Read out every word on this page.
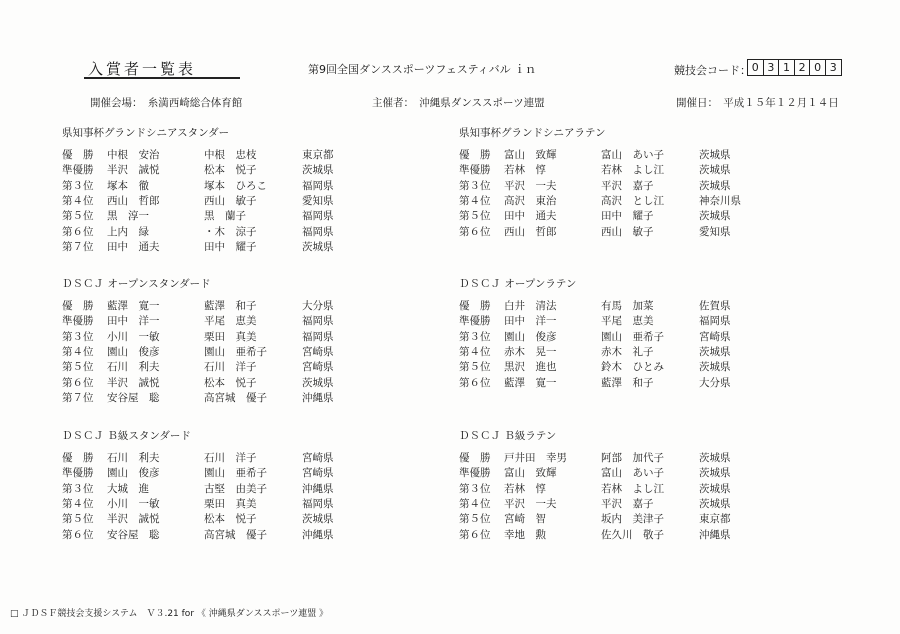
入賞者一覧表	第9回全国ダンススポーツフェスティバル ｉｎ	競技会コード： 0 3 1 2 0 3
開催会場：　糸満西崎総合体育館	主催者：　沖縄県ダンススポーツ連盟	開催日：　平成１５年１２月１４日
県知事杯グランドシニアスタンダー
優　勝 中根　安治	中根　忠枝	東京都
準優勝 半沢　誠悦	松本　悦子	茨城県
第３位 塚本　徹	塚本　ひろこ	福岡県
第４位 西山　哲郎	西山　敏子	愛知県
第５位 黒　淳一	黒　蘭子	福岡県
第６位 上内　緑	・木　涼子	福岡県
第７位 田中　通夫	田中　耀子	茨城県
県知事杯グランドシニアラテン
優　勝 富山　致輝	富山　あい子	茨城県
準優勝 若林　惇	若林　よし江	茨城県
第３位 平沢　一夫	平沢　嘉子	茨城県
第４位 高沢　東治	高沢　とし江	神奈川県
第５位 田中　通夫	田中　耀子	茨城県
第６位 西山　哲郎	西山　敏子	愛知県
ＤＳＣＪ オープンスタンダード
優　勝 藍澤　寛一	藍澤　和子	大分県
準優勝 田中　洋一	平尾　恵美	福岡県
第３位 小川　一敏	栗田　真美	福岡県
第４位 園山　俊彦	園山　亜希子	宮崎県
第５位 石川　利夫	石川　洋子	宮崎県
第６位 半沢　誠悦	松本　悦子	茨城県
第７位 安谷屋　聡	高宮城　優子	沖縄県
ＤＳＣＪ オープンラテン
優　勝 白井　清法	有馬　加菜	佐賀県
準優勝 田中　洋一	平尾　恵美	福岡県
第３位 園山　俊彦	園山　亜希子	宮崎県
第４位 赤木　晃一	赤木　礼子	茨城県
第５位 黒沢　進也	鈴木　ひとみ	茨城県
第６位 藍澤　寛一	藍澤　和子	大分県
ＤＳＣＪ Ｂ級スタンダード
優　勝 石川　利夫	石川　洋子	宮崎県
準優勝 園山　俊彦	園山　亜希子	宮崎県
第３位 大城　進	古堅　由美子	沖縄県
第４位 小川　一敏	栗田　真美	福岡県
第５位 半沢　誠悦	松本　悦子	茨城県
第６位 安谷屋　聡	高宮城　優子	沖縄県
ＤＳＣＪ Ｂ級ラテン
優　勝 戸井田　幸男	阿部　加代子	茨城県
準優勝 富山　致輝	富山　あい子	茨城県
第３位 若林　惇	若林　よし江	茨城県
第４位 平沢　一夫	平沢　嘉子	茨城県
第５位 宮崎　智	坂内　美津子	東京都
第６位 幸地　勲	佐久川　敬子	沖縄県
□ ＪＤＳＦ競技会支援システム　Ｖ３.21 for 《 沖縄県ダンススポーツ連盟 》
